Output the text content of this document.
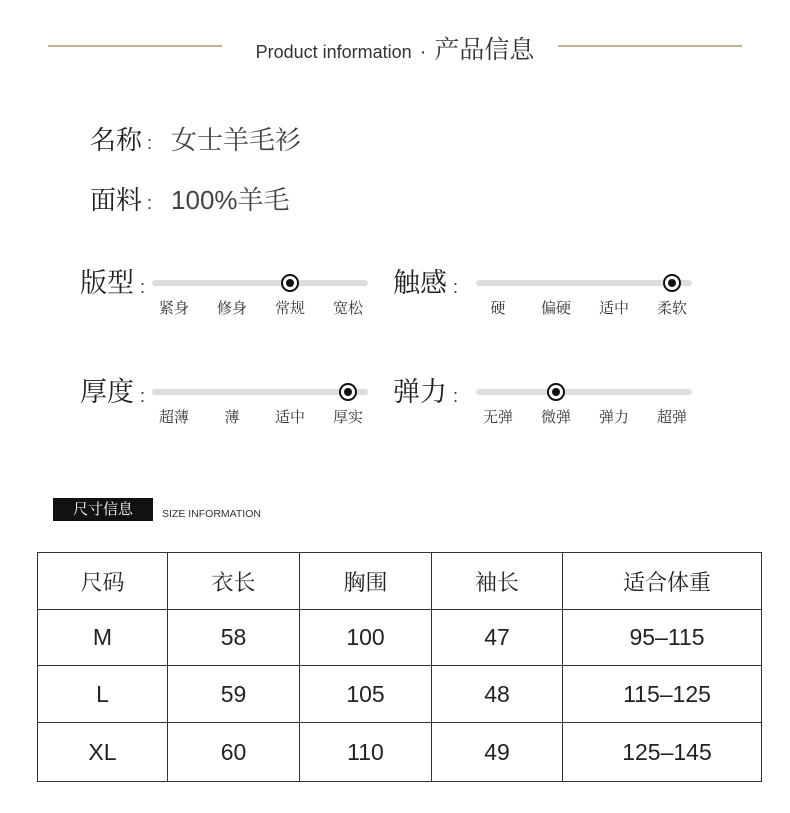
Product information · 产品信息
名称 : 女士羊毛衫
面料 : 100%羊毛
版型 :
紧身	修身	常规	宽松
触感 :
硬	偏硬	适中	柔软
厚度 :
超薄	薄	适中	厚实
弹力 :
无弹	微弹	弹力	超弹
尺寸信息	SIZE INFORMATION
尺码	衣长	胸围	袖长	适合体重
M	58	100	47	95–115
L	59	105	48	115–125
XL	60	110	49	125–145
